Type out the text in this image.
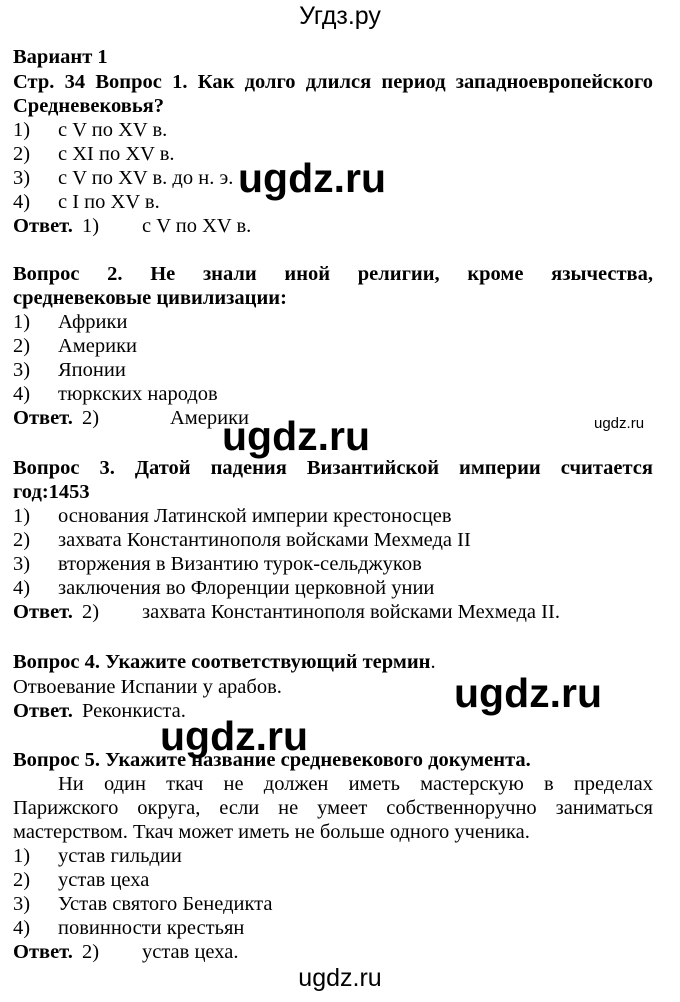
Угдз.ру
Вариант 1
Стр. 34 Вопрос 1. Как долго длился период западноевропейского
Средневековья?
1) с V по XV в.
2) с XI по XV в.
3) с V по XV в. до н. э.
4) с I по XV в.
Ответ. 1) с V по XV в.
Вопрос 2. Не знали иной религии, кроме язычества,
средневековые цивилизации:
1) Африки
2) Америки
3) Японии
4) тюркских народов
Ответ. 2)	Америки
Вопрос 3. Датой падения Византийской империи считается
год:1453
1) основания Латинской империи крестоносцев
2) захвата Константинополя войсками Мехмеда II
3) вторжения в Византию турок-сельджуков
4) заключения во Флоренции церковной унии
Ответ. 2) захвата Константинополя войсками Мехмеда II.
Вопрос 4. Укажите соответствующий термин.
Отвоевание Испании у арабов.
Ответ. Реконкиста.
Вопрос 5. Укажите название средневекового документа.
Ни один ткач не должен иметь мастерскую в пределах
Парижского округа, если не умеет собственноручно заниматься
мастерством. Ткач может иметь не больше одного ученика.
1) устав гильдии
2) устав цеха
3) Устав святого Бенедикта
4) повинности крестьян
Ответ. 2) устав цеха.
ugdz.ru
ugdz.ru	ugdz.ru
ugdz.ru
ugdz.ru
ugdz.ru
